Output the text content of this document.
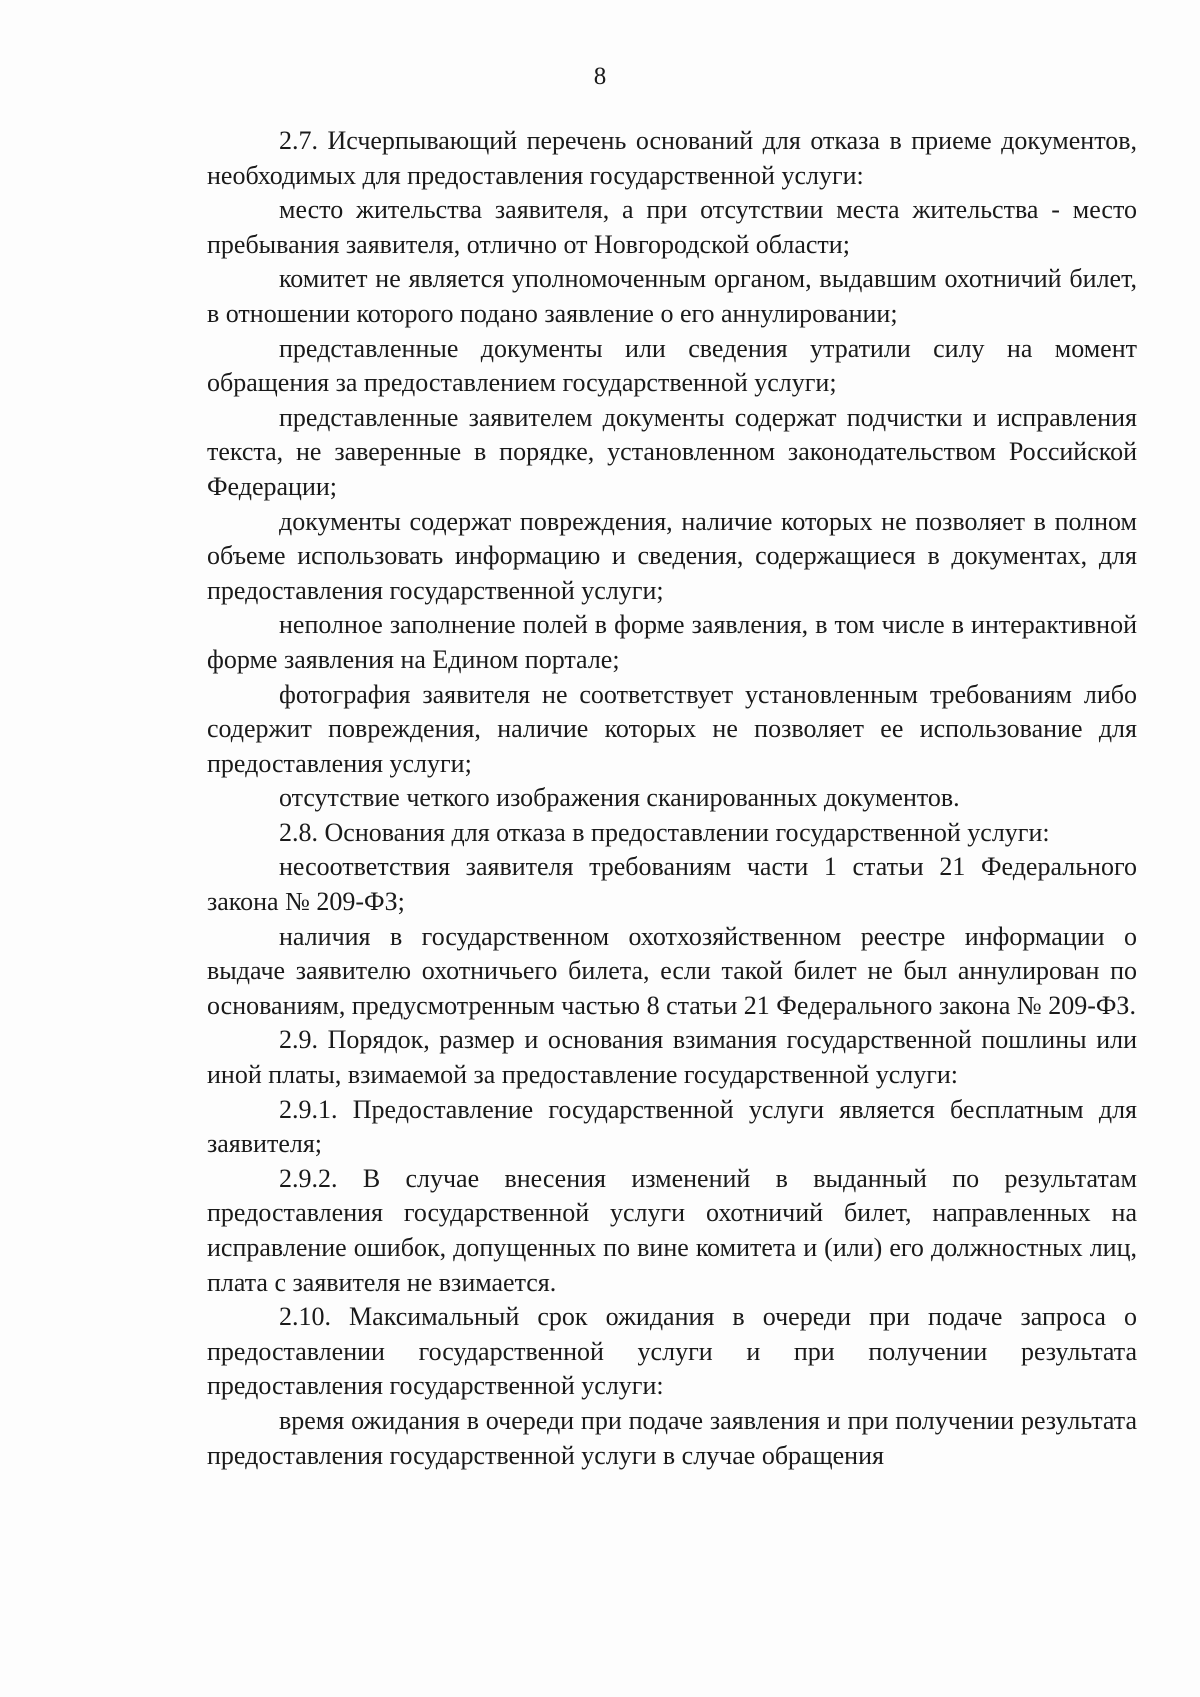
8

2.7. Исчерпывающий перечень оснований для отказа в приеме документов, необходимых для предоставления государственной услуги:

место жительства заявителя, а при отсутствии места жительства - место пребывания заявителя, отлично от Новгородской области;

комитет не является уполномоченным органом, выдавшим охотничий билет, в отношении которого подано заявление о его аннулировании;

представленные документы или сведения утратили силу на момент обращения за предоставлением государственной услуги;

представленные заявителем документы содержат подчистки и исправления текста, не заверенные в порядке, установленном законодательством Российской Федерации;

документы содержат повреждения, наличие которых не позволяет в полном объеме использовать информацию и сведения, содержащиеся в документах, для предоставления государственной услуги;

неполное заполнение полей в форме заявления, в том числе в интерактивной форме заявления на Едином портале;

фотография заявителя не соответствует установленным требованиям либо содержит повреждения, наличие которых не позволяет ее использование для предоставления услуги;

отсутствие четкого изображения сканированных документов.

2.8. Основания для отказа в предоставлении государственной услуги:

несоответствия заявителя требованиям части 1 статьи 21 Федерального закона № 209-ФЗ;

наличия в государственном охотхозяйственном реестре информации о выдаче заявителю охотничьего билета, если такой билет не был аннулирован по основаниям, предусмотренным частью 8 статьи 21 Федерального закона № 209-ФЗ.

2.9. Порядок, размер и основания взимания государственной пошлины или иной платы, взимаемой за предоставление государственной услуги:

2.9.1. Предоставление государственной услуги является бесплатным для заявителя;

2.9.2. В случае внесения изменений в выданный по результатам предоставления государственной услуги охотничий билет, направленных на исправление ошибок, допущенных по вине комитета и (или) его должностных лиц, плата с заявителя не взимается.

2.10. Максимальный срок ожидания в очереди при подаче запроса о предоставлении государственной услуги и при получении результата предоставления государственной услуги:

время ожидания в очереди при подаче заявления и при получении результата предоставления государственной услуги в случае обращения
